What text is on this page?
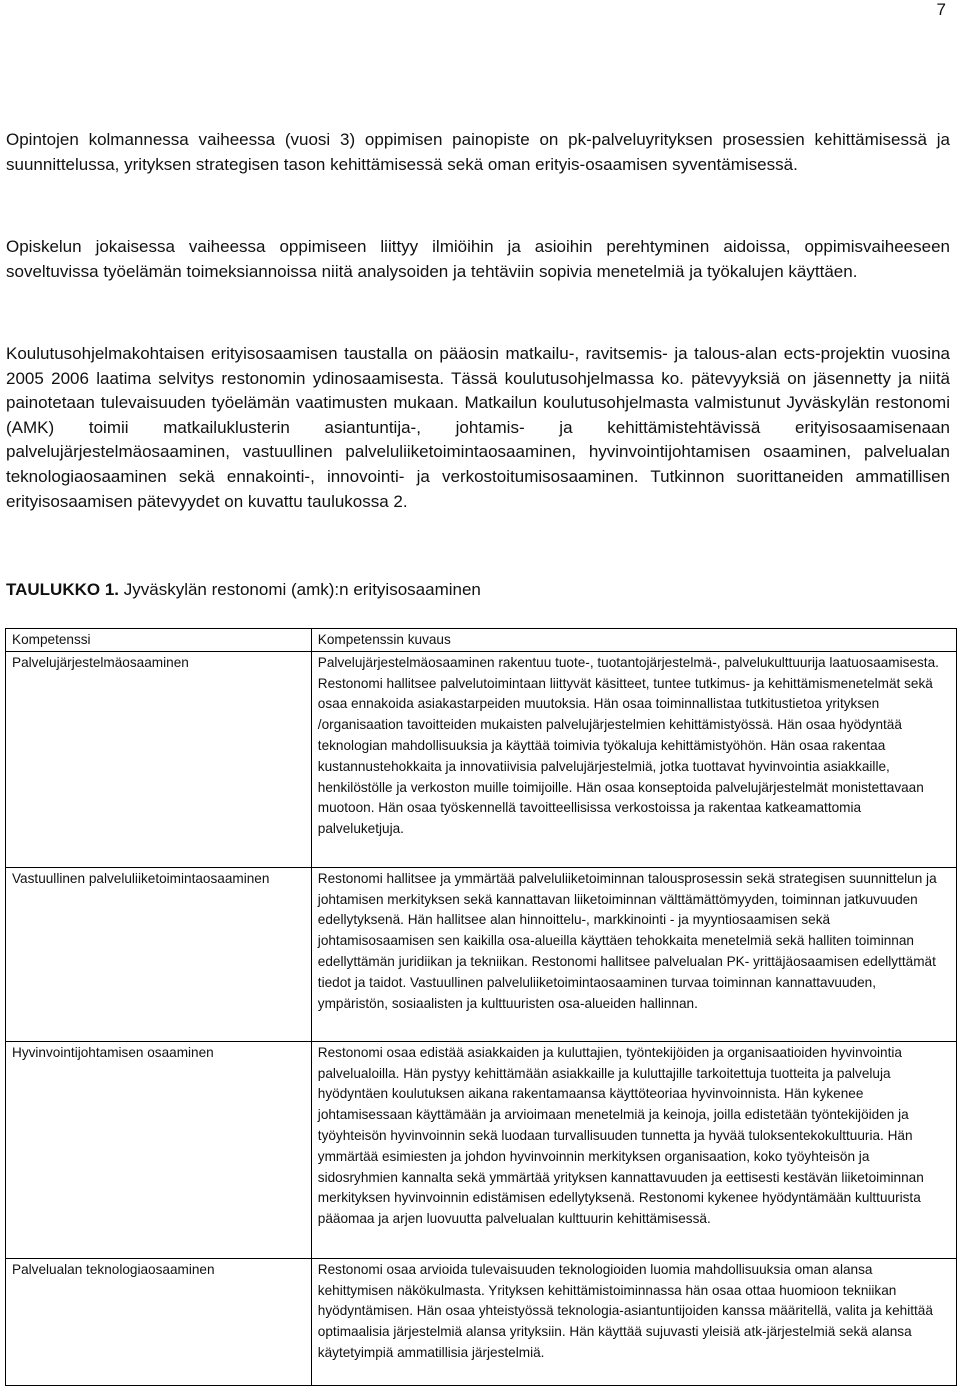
7

Opintojen kolmannessa vaiheessa (vuosi 3) oppimisen painopiste on pk-palveluyrityksen prosessien kehittämisessä ja suunnittelussa, yrityksen strategisen tason kehittämisessä sekä oman erityis-osaamisen syventämisessä.

Opiskelun jokaisessa vaiheessa oppimiseen liittyy ilmiöihin ja asioihin perehtyminen aidoissa, oppimisvaiheeseen soveltuvissa työelämän toimeksiannoissa niitä analysoiden ja tehtäviin sopivia menetelmiä ja työkalujen käyttäen.

Koulutusohjelmakohtaisen erityisosaamisen taustalla on pääosin matkailu-, ravitsemis- ja talous-alan ects-projektin vuosina 2005 2006 laatima selvitys restonomin ydinosaamisesta. Tässä koulutusohjelmassa ko. pätevyyksiä on jäsennetty ja niitä painotetaan tulevaisuuden työelämän vaatimusten mukaan. Matkailun koulutusohjelmasta valmistunut Jyväskylän restonomi (AMK) toimii matkailuklusterin asiantuntija-, johtamis- ja kehittämistehtävissä erityisosaamisenaan palvelujärjestelmäosaaminen, vastuullinen palveluliiketoimintaosaaminen, hyvinvointijohtamisen osaaminen, palvelualan teknologiaosaaminen sekä ennakointi-, innovointi- ja verkostoitumisosaaminen. Tutkinnon suorittaneiden ammatillisen erityisosaamisen pätevyydet on kuvattu taulukossa 2.

TAULUKKO 1. Jyväskylän restonomi (amk):n erityisosaaminen
Kompetenssi	Kompetenssin kuvaus
Palvelujärjestelmäosaaminen	Palvelujärjestelmäosaaminen rakentuu tuote-, tuotantojärjestelmä-, palvelukulttuurija laatuosaamisesta. Restonomi hallitsee palvelutoimintaan liittyvät käsitteet, tuntee tutkimus- ja kehittämismenetelmät sekä osaa ennakoida asiakastarpeiden muutoksia. Hän osaa toiminnallistaa tutkitustietoa yrityksen /organisaation tavoitteiden mukaisten palvelujärjestelmien kehittämistyössä. Hän osaa hyödyntää teknologian mahdollisuuksia ja käyttää toimivia työkaluja kehittämistyöhön. Hän osaa rakentaa kustannustehokkaita ja innovatiivisia palvelujärjestelmiä, jotka tuottavat hyvinvointia asiakkaille, henkilöstölle ja verkoston muille toimijoille. Hän osaa konseptoida palvelujärjestelmät monistettavaan muotoon. Hän osaa työskennellä tavoitteellisissa verkostoissa ja rakentaa katkeamattomia palveluketjuja.
Vastuullinen palveluliiketoimintaosaaminen	Restonomi hallitsee ja ymmärtää palveluliiketoiminnan talousprosessin sekä strategisen suunnittelun ja johtamisen merkityksen sekä kannattavan liiketoiminnan välttämättömyyden, toiminnan jatkuvuuden edellytyksenä. Hän hallitsee alan hinnoittelu-, markkinointi - ja myyntiosaamisen sekä johtamisosaamisen sen kaikilla osa-alueilla käyttäen tehokkaita menetelmiä sekä halliten toiminnan edellyttämän juridiikan ja tekniikan. Restonomi hallitsee palvelualan PK- yrittäjäosaamisen edellyttämät tiedot ja taidot. Vastuullinen palveluliiketoimintaosaaminen turvaa toiminnan kannattavuuden, ympäristön, sosiaalisten ja kulttuuristen osa-alueiden hallinnan.
Hyvinvointijohtamisen osaaminen	Restonomi osaa edistää asiakkaiden ja kuluttajien, työntekijöiden ja organisaatioiden hyvinvointia palvelualoilla. Hän pystyy kehittämään asiakkaille ja kuluttajille tarkoitettuja tuotteita ja palveluja hyödyntäen koulutuksen aikana rakentamaansa käyttöteoriaa hyvinvoinnista. Hän kykenee johtamisessaan käyttämään ja arvioimaan menetelmiä ja keinoja, joilla edistetään työntekijöiden ja työyhteisön hyvinvoinnin sekä luodaan turvallisuuden tunnetta ja hyvää tuloksentekokulttuuria. Hän ymmärtää esimiesten ja johdon hyvinvoinnin merkityksen organisaation, koko työyhteisön ja sidosryhmien kannalta sekä ymmärtää yrityksen kannattavuuden ja eettisesti kestävän liiketoiminnan merkityksen hyvinvoinnin edistämisen edellytyksenä. Restonomi kykenee hyödyntämään kulttuurista pääomaa ja arjen luovuutta palvelualan kulttuurin kehittämisessä.
Palvelualan teknologiaosaaminen	Restonomi osaa arvioida tulevaisuuden teknologioiden luomia mahdollisuuksia oman alansa kehittymisen näkökulmasta. Yrityksen kehittämistoiminnassa hän osaa ottaa huomioon tekniikan hyödyntämisen. Hän osaa yhteistyössä teknologia-asiantuntijoiden kanssa määritellä, valita ja kehittää optimaalisia järjestelmiä alansa yrityksiin. Hän käyttää sujuvasti yleisiä atk-järjestelmiä sekä alansa käytetyimpiä ammatillisia järjestelmiä.
